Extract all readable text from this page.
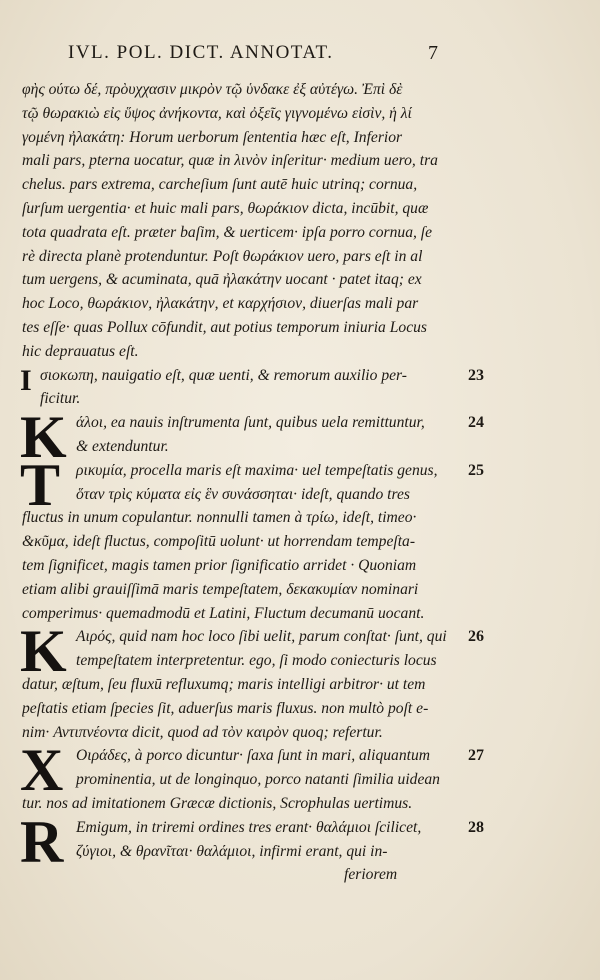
IVL. POL. DICT. ANNOTAT.	7
φὴς ούτω δέ, πρὸυχχασιν μικρὸν τῷ ὑνδακε ἐξ αὐτέγω. Ἐπὶ δὲ
τῷ θωρακιὼ εἰς ὕψος ἀνήκοντα, καὶ ὀξεῖς γιγνομένω εἰσὶν, ἡ λί
γομένη ἠλακάτη: Horum uerborum ſententia hæc eſt, Inferior
mali pars, pterna uocatur, quæ in λινὸν inſeritur· medium uero, tra
chelus. pars extrema, carcheſium ſunt autē huic utrinq; cornua,
ſurſum uergentia· et huic mali pars, θωράκιον dicta, incūbit, quæ
tota quadrata eſt. præter baſim, & uerticem· ipſa porro cornua, ſe
rè directa planè protenduntur. Poſt θωράκιον uero, pars eſt in al
tum uergens, & acuminata, quā ἠλακάτην uocant · patet itaq; ex
hoc Loco, θωράκιον, ἠλακάτην, et καρχήσιον, diuerſas mali par
tes eſſe· quas Pollux cōfundit, aut potius temporum iniuria Locus
hic deprauatus eſt.
I	23
σιοκωπη, nauigatio eſt, quæ uenti, & remorum auxilio per-
ficitur.
K	24
άλοι, ea nauis inſtrumenta ſunt, quibus uela remittuntur,
& extenduntur.
T	25
ρικυμία, procella maris eſt maxima· uel tempeſtatis genus,
ὅταν τρὶς κύματα εἰς ἓν συνάσσηται· ideſt, quando tres
fluctus in unum copulantur. nonnulli tamen à τρίω, ideſt, timeo·
&κῦμα, ideſt fluctus, compoſitū uolunt· ut horrendam tempeſta-
tem ſignificet, magis tamen prior ſignificatio arridet · Quoniam
etiam alibi grauiſſimā maris tempeſtatem, δεκακυμίαν nominari
comperimus· quemadmodū et Latini, Fluctum decumanū uocant.
K	26
Αιρός, quid nam hoc loco ſibi uelit, parum conſtat· ſunt, qui
tempeſtatem interpretentur. ego, ſi modo coniecturis locus
datur, æſtum, ſeu fluxū refluxumq; maris intelligi arbitror· ut tem
peſtatis etiam ſpecies ſit, aduerſus maris fluxus. non multò poſt e-
nim· Αντιπνέοντα dicit, quod ad τὸν καιρὸν quoq; refertur.
X	27
Οιράδες, à porco dicuntur· ſaxa ſunt in mari, aliquantum
prominentia, ut de longinquo, porco natanti ſimilia uidean
tur. nos ad imitationem Græcæ dictionis, Scrophulas uertimus.
R	28
Emigum, in triremi ordines tres erant· θαλάμιοι ſcilicet,
ζύγιοι, & θρανῖται· θαλάμιοι, infirmi erant, qui in-
feriorem
